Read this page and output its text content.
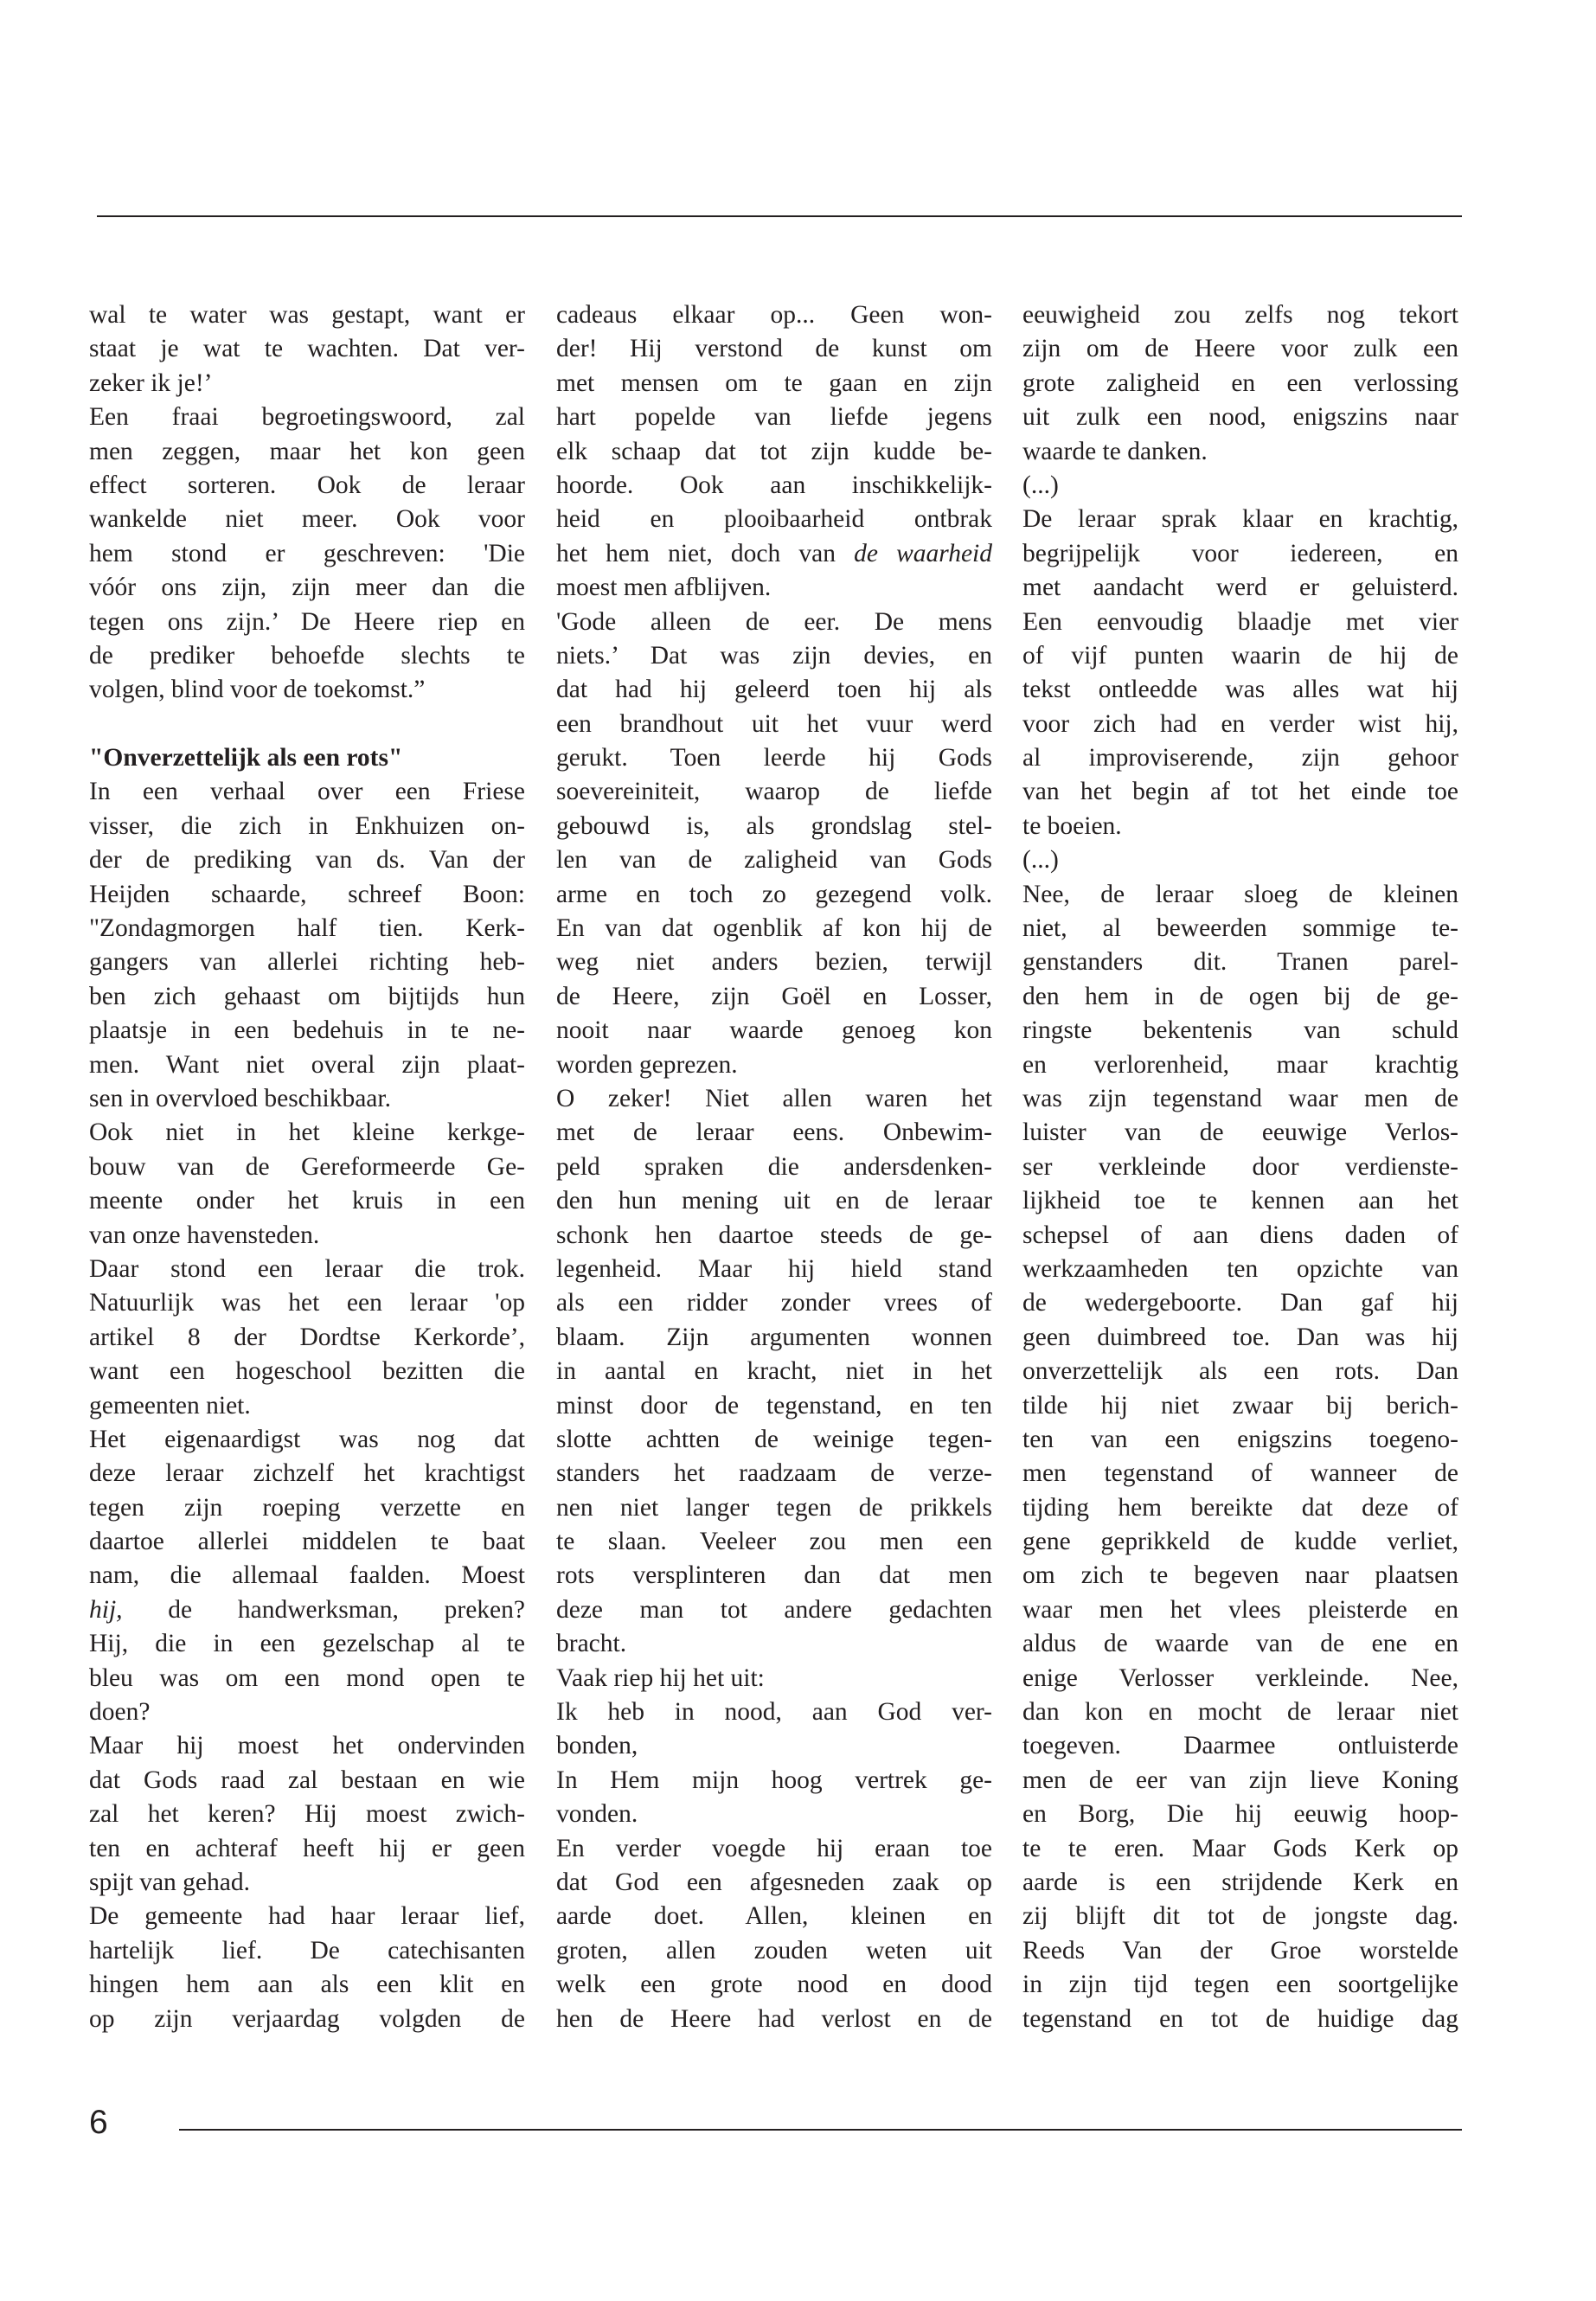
wal te water was gestapt, want er
staat je wat te wachten. Dat ver-
zeker ik je!’
Een fraai begroetingswoord, zal
men zeggen, maar het kon geen
effect sorteren. Ook de leraar
wankelde niet meer. Ook voor
hem stond er geschreven: 'Die
vóór ons zijn, zijn meer dan die
tegen ons zijn.’ De Heere riep en
de prediker behoefde slechts te
volgen, blind voor de toekomst.”
"Onverzettelijk als een rots"
In een verhaal over een Friese
visser, die zich in Enkhuizen on-
der de prediking van ds. Van der
Heijden schaarde, schreef Boon:
"Zondagmorgen half tien. Kerk-
gangers van allerlei richting heb-
ben zich gehaast om bijtijds hun
plaatsje in een bedehuis in te ne-
men. Want niet overal zijn plaat-
sen in overvloed beschikbaar.
Ook niet in het kleine kerkge-
bouw van de Gereformeerde Ge-
meente onder het kruis in een
van onze havensteden.
Daar stond een leraar die trok.
Natuurlijk was het een leraar 'op
artikel 8 der Dordtse Kerkorde’,
want een hogeschool bezitten die
gemeenten niet.
Het eigenaardigst was nog dat
deze leraar zichzelf het krachtigst
tegen zijn roeping verzette en
daartoe allerlei middelen te baat
nam, die allemaal faalden. Moest
hij, de handwerksman, preken?
Hij, die in een gezelschap al te
bleu was om een mond open te
doen?
Maar hij moest het ondervinden
dat Gods raad zal bestaan en wie
zal het keren? Hij moest zwich-
ten en achteraf heeft hij er geen
spijt van gehad.
De gemeente had haar leraar lief,
hartelijk lief. De catechisanten
hingen hem aan als een klit en
op zijn verjaardag volgden de
cadeaus elkaar op... Geen won-
der! Hij verstond de kunst om
met mensen om te gaan en zijn
hart popelde van liefde jegens
elk schaap dat tot zijn kudde be-
hoorde. Ook aan inschikkelijk-
heid en plooibaarheid ontbrak
het hem niet, doch van de waarheid
moest men afblijven.
'Gode alleen de eer. De mens
niets.’ Dat was zijn devies, en
dat had hij geleerd toen hij als
een brandhout uit het vuur werd
gerukt. Toen leerde hij Gods
soevereiniteit, waarop de liefde
gebouwd is, als grondslag stel-
len van de zaligheid van Gods
arme en toch zo gezegend volk.
En van dat ogenblik af kon hij de
weg niet anders bezien, terwijl
de Heere, zijn Goël en Losser,
nooit naar waarde genoeg kon
worden geprezen.
O zeker! Niet allen waren het
met de leraar eens. Onbewim-
peld spraken die andersdenken-
den hun mening uit en de leraar
schonk hen daartoe steeds de ge-
legenheid. Maar hij hield stand
als een ridder zonder vrees of
blaam. Zijn argumenten wonnen
in aantal en kracht, niet in het
minst door de tegenstand, en ten
slotte achtten de weinige tegen-
standers het raadzaam de verze-
nen niet langer tegen de prikkels
te slaan. Veeleer zou men een
rots versplinteren dan dat men
deze man tot andere gedachten
bracht.
Vaak riep hij het uit:
Ik heb in nood, aan God ver-
bonden,
In Hem mijn hoog vertrek ge-
vonden.
En verder voegde hij eraan toe
dat God een afgesneden zaak op
aarde doet. Allen, kleinen en
groten, allen zouden weten uit
welk een grote nood en dood
hen de Heere had verlost en de
eeuwigheid zou zelfs nog tekort
zijn om de Heere voor zulk een
grote zaligheid en een verlossing
uit zulk een nood, enigszins naar
waarde te danken.
(...)
De leraar sprak klaar en krachtig,
begrijpelijk voor iedereen, en
met aandacht werd er geluisterd.
Een eenvoudig blaadje met vier
of vijf punten waarin de hij de
tekst ontleedde was alles wat hij
voor zich had en verder wist hij,
al improviserende, zijn gehoor
van het begin af tot het einde toe
te boeien.
(...)
Nee, de leraar sloeg de kleinen
niet, al beweerden sommige te-
genstanders dit. Tranen parel-
den hem in de ogen bij de ge-
ringste bekentenis van schuld
en verlorenheid, maar krachtig
was zijn tegenstand waar men de
luister van de eeuwige Verlos-
ser verkleinde door verdienste-
lijkheid toe te kennen aan het
schepsel of aan diens daden of
werkzaamheden ten opzichte van
de wedergeboorte. Dan gaf hij
geen duimbreed toe. Dan was hij
onverzettelijk als een rots. Dan
tilde hij niet zwaar bij berich-
ten van een enigszins toegeno-
men tegenstand of wanneer de
tijding hem bereikte dat deze of
gene geprikkeld de kudde verliet,
om zich te begeven naar plaatsen
waar men het vlees pleisterde en
aldus de waarde van de ene en
enige Verlosser verkleinde. Nee,
dan kon en mocht de leraar niet
toegeven. Daarmee ontluisterde
men de eer van zijn lieve Koning
en Borg, Die hij eeuwig hoop-
te te eren. Maar Gods Kerk op
aarde is een strijdende Kerk en
zij blijft dit tot de jongste dag.
Reeds Van der Groe worstelde
in zijn tijd tegen een soortgelijke
tegenstand en tot de huidige dag
6
